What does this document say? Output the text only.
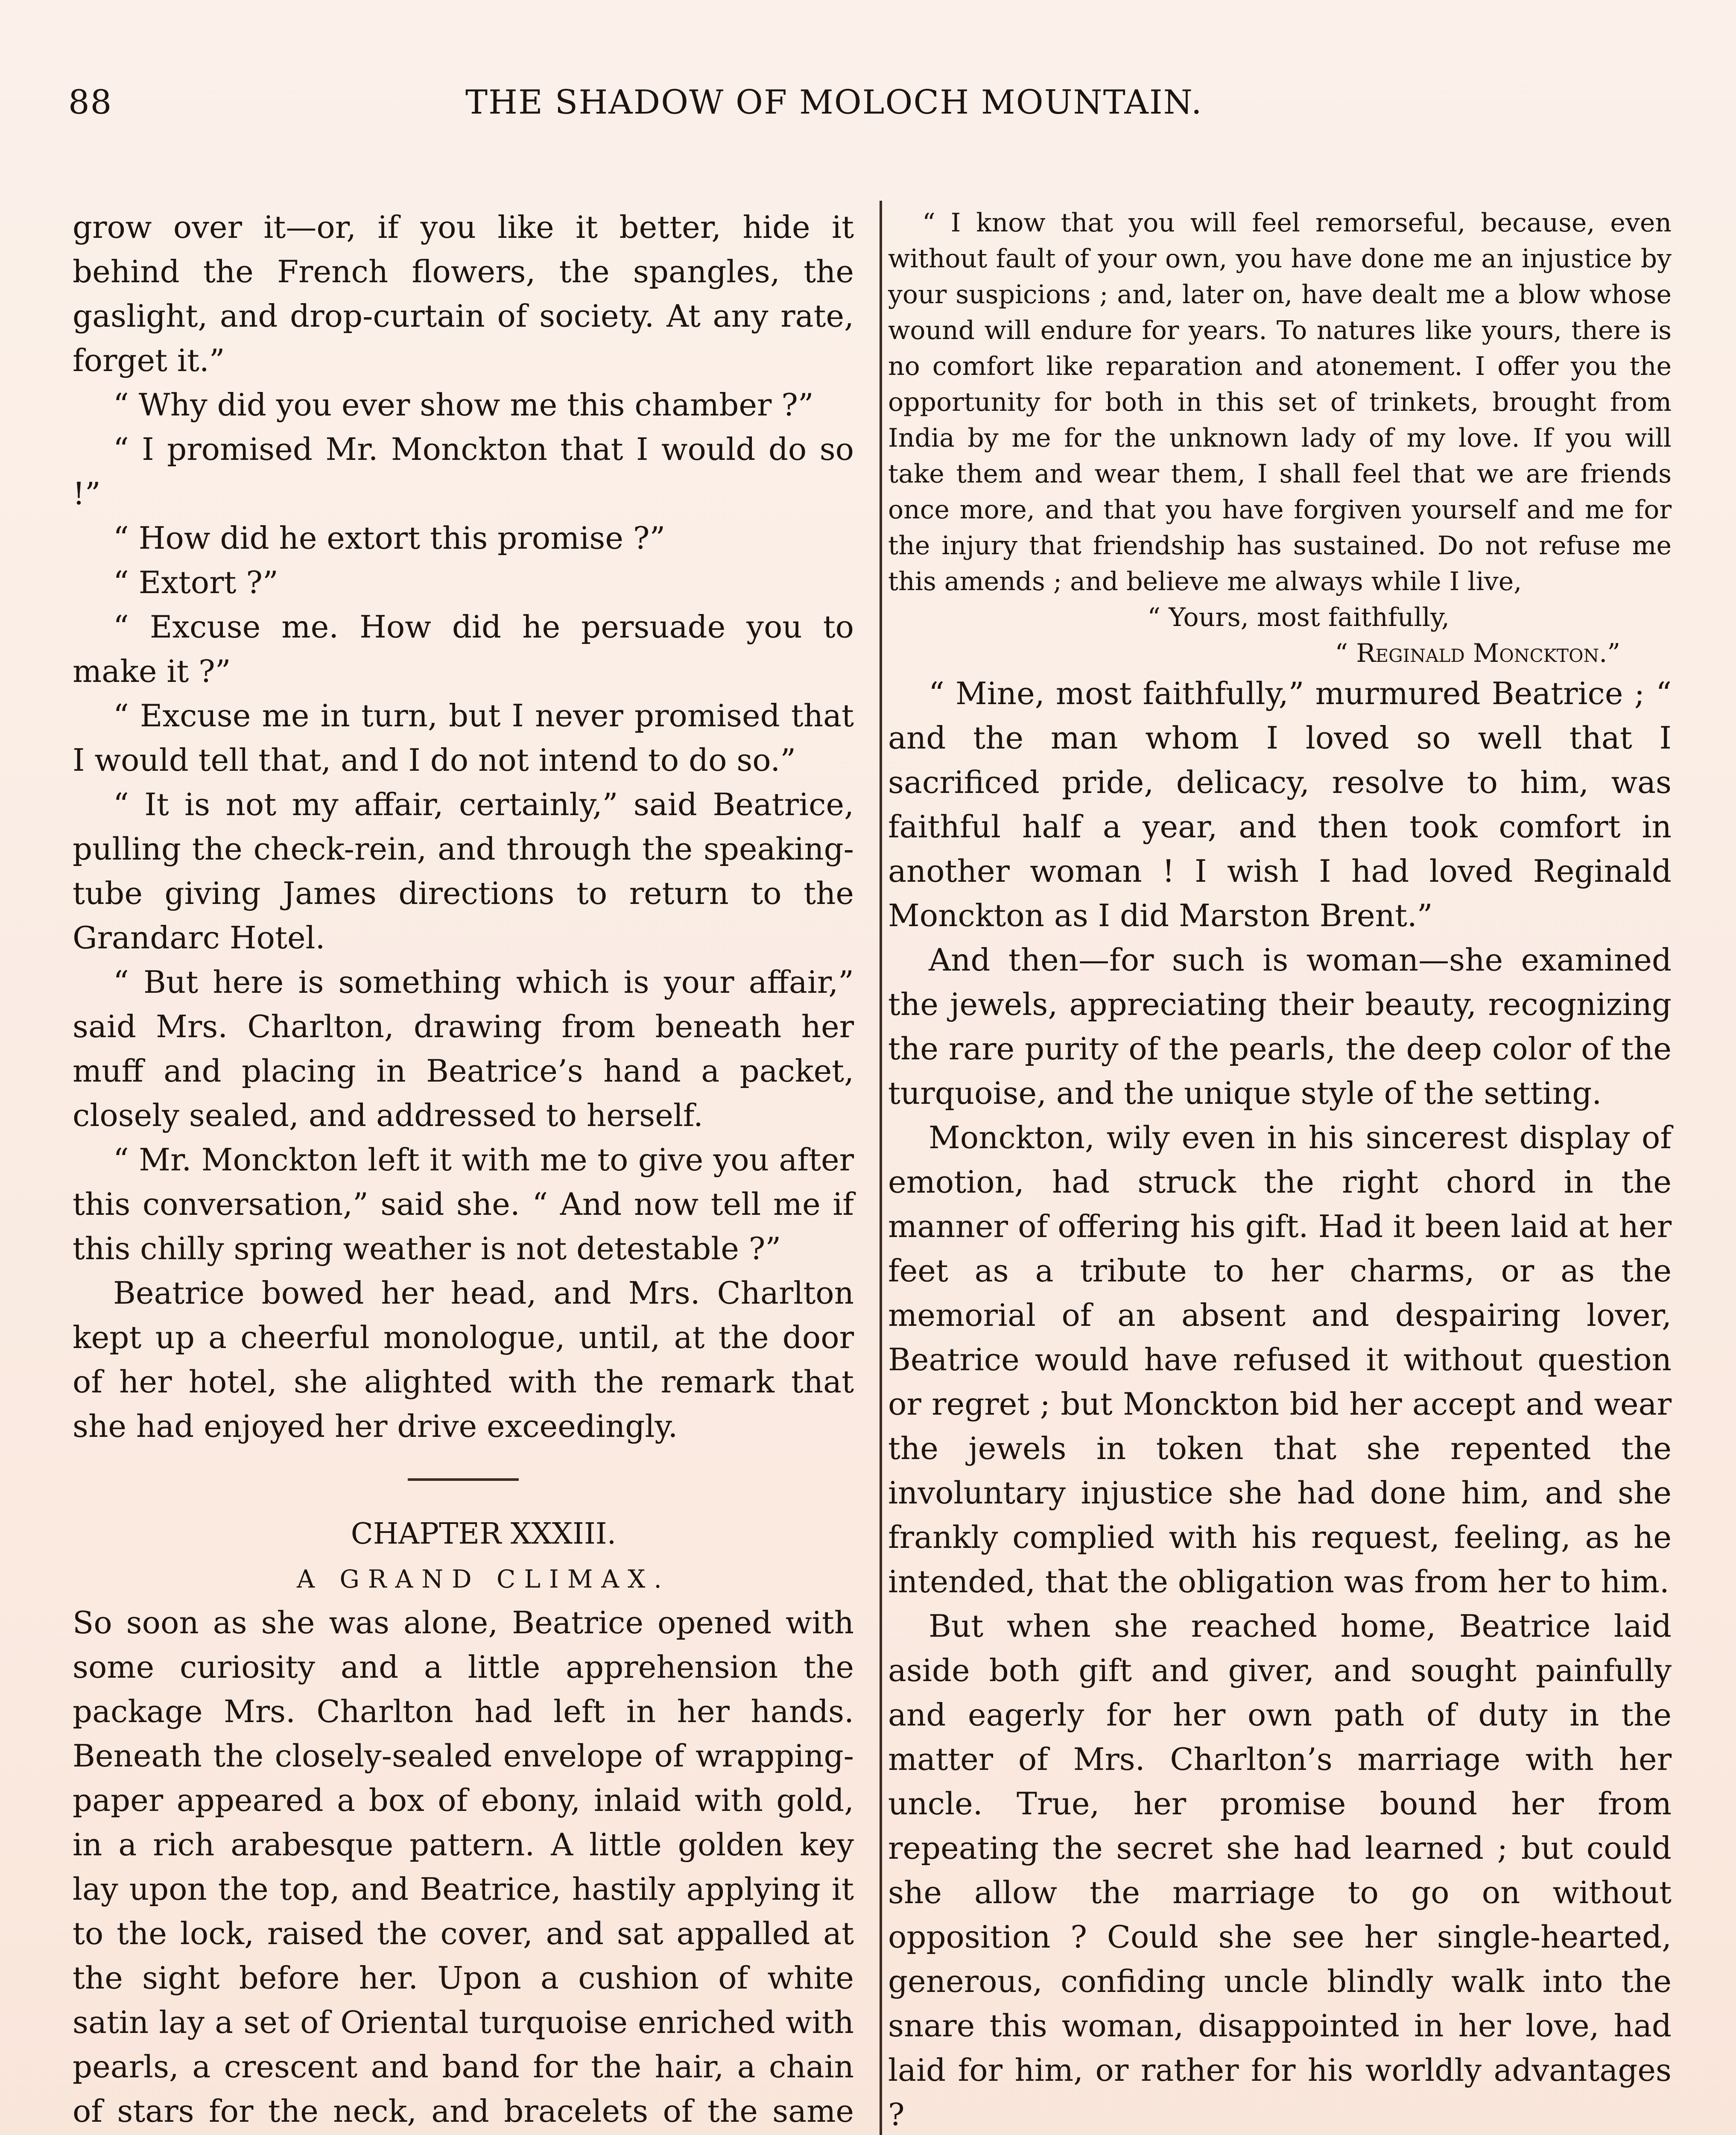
88	THE SHADOW OF MOLOCH MOUNTAIN.

grow over it—or, if you like it better, hide it behind the French flowers, the spangles, the gaslight, and drop-curtain of society. At any rate, forget it.”

“ Why did you ever show me this chamber ?”

“ I promised Mr. Monckton that I would do so !”

“ How did he extort this promise ?”

“ Extort ?”

“ Excuse me. How did he persuade you to make it ?”

“ Excuse me in turn, but I never promised that I would tell that, and I do not intend to do so.”

“ It is not my affair, certainly,” said Beatrice, pulling the check-rein, and through the speaking-tube giving James directions to return to the Grandarc Hotel.

“ But here is something which is your affair,” said Mrs. Charlton, drawing from beneath her muff and placing in Beatrice’s hand a packet, closely sealed, and addressed to herself.

“ Mr. Monckton left it with me to give you after this conversation,” said she. “ And now tell me if this chilly spring weather is not detestable ?”

Beatrice bowed her head, and Mrs. Charlton kept up a cheerful monologue, until, at the door of her hotel, she alighted with the remark that she had enjoyed her drive exceedingly.

CHAPTER XXXIII.

A GRAND CLIMAX.

So soon as she was alone, Beatrice opened with some curiosity and a little apprehension the package Mrs. Charlton had left in her hands. Beneath the closely-sealed envelope of wrapping-paper appeared a box of ebony, inlaid with gold, in a rich arabesque pattern. A little golden key lay upon the top, and Beatrice, hastily applying it to the lock, raised the cover, and sat appalled at the sight before her. Upon a cushion of white satin lay a set of Oriental turquoise enriched with pearls, a crescent and band for the hair, a chain of stars for the neck, and bracelets of the same

“ I know that you will feel remorseful, because, even without fault of your own, you have done me an injustice by your suspicions ; and, later on, have dealt me a blow whose wound will endure for years. To natures like yours, there is no comfort like reparation and atonement. I offer you the opportunity for both in this set of trinkets, brought from India by me for the unknown lady of my love. If you will take them and wear them, I shall feel that we are friends once more, and that you have forgiven yourself and me for the injury that friendship has sustained. Do not refuse me this amends ; and believe me always while I live,

“ Yours, most faithfully,

“ Reginald Monckton.”

“ Mine, most faithfully,” murmured Beatrice ; “ and the man whom I loved so well that I sacrificed pride, delicacy, resolve to him, was faithful half a year, and then took comfort in another woman ! I wish I had loved Reginald Monckton as I did Marston Brent.”

And then—for such is woman—she examined the jewels, appreciating their beauty, recognizing the rare purity of the pearls, the deep color of the turquoise, and the unique style of the setting.

Monckton, wily even in his sincerest display of emotion, had struck the right chord in the manner of offering his gift. Had it been laid at her feet as a tribute to her charms, or as the memorial of an absent and despairing lover, Beatrice would have refused it without question or regret ; but Monckton bid her accept and wear the jewels in token that she repented the involuntary injustice she had done him, and she frankly complied with his request, feeling, as he intended, that the obligation was from her to him.

But when she reached home, Beatrice laid aside both gift and giver, and sought painfully and eagerly for her own path of duty in the matter of Mrs. Charlton’s marriage with her uncle. True, her promise bound her from repeating the secret she had learned ; but could she allow the marriage to go on without opposition ? Could she see her single-hearted, generous, confiding uncle blindly walk into the snare this woman, disappointed in her love, had laid for him, or rather for his worldly advantages ?
